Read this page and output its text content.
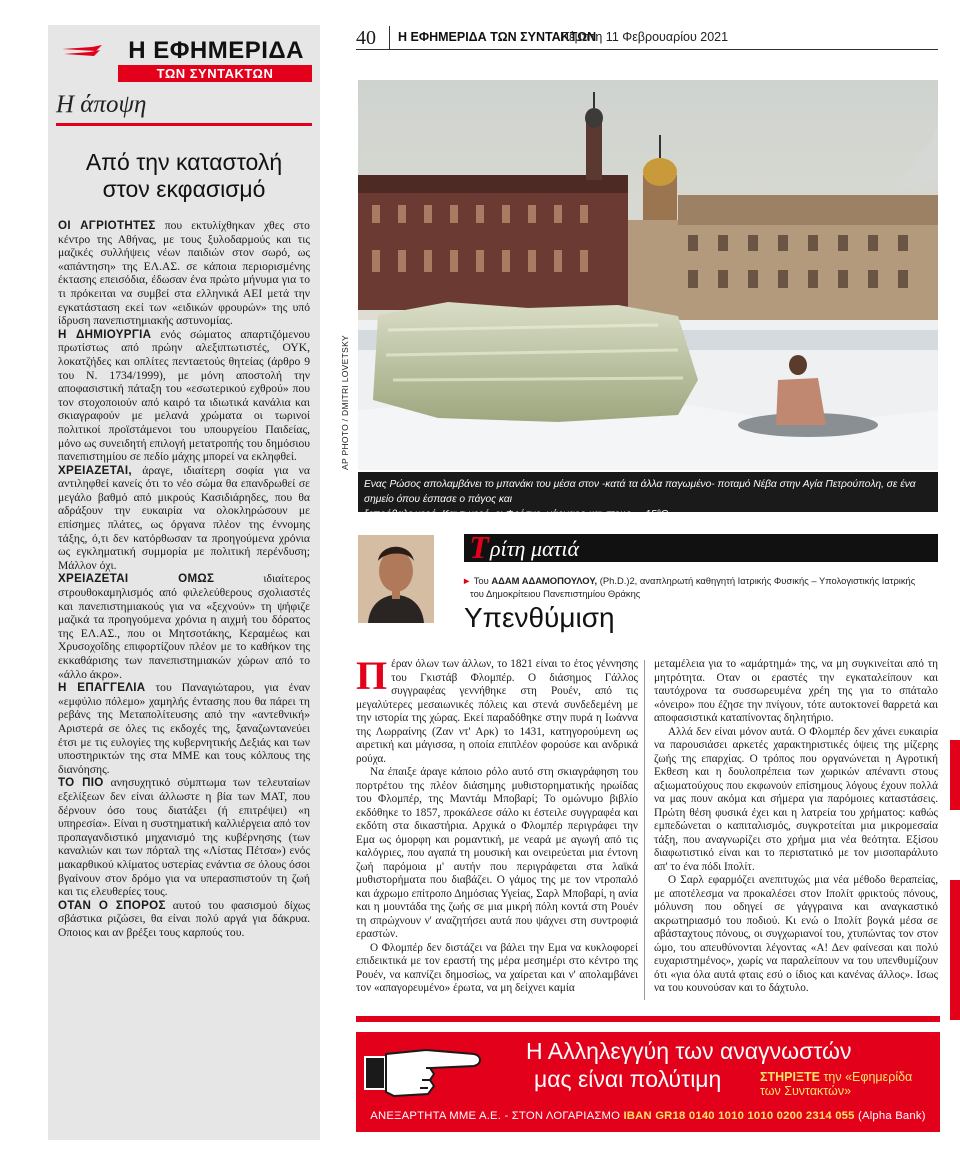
Η ΕΦΗΜΕΡΙΔΑ
ΤΩΝ ΣΥΝΤΑΚΤΩΝ
Η άποψη
Από την καταστολή
στον εκφασισμό

ΟΙ ΑΓΡΙΟΤΗΤΕΣ που εκτυλίχθηκαν χθες στο κέντρο της Αθήνας, με τους ξυλοδαρμούς και τις μαζικές συλλήψεις νέων παιδιών στον σωρό, ως «απάντηση» της ΕΛ.ΑΣ. σε κάποια περιορισμένης έκτασης επεισόδια, έδωσαν ένα πρώτο μήνυμα για το τι πρόκειται να συμβεί στα ελληνικά ΑΕΙ μετά την εγκατάσταση εκεί των «ειδικών φρουρών» της υπό ίδρυση πανεπιστημιακής αστυνομίας.

Η ΔΗΜΙΟΥΡΓΙΑ ενός σώματος απαρτιζόμενου πρωτίστως από πρώην αλεξιπτωτιστές, ΟΥΚ, λοκατζήδες και οπλίτες πενταετούς θητείας (άρθρο 9 του Ν. 1734/1999), με μόνη αποστολή την αποφασιστική πάταξη του «εσωτερικού εχθρού» που τον στοχοποιούν από καιρό τα ιδιωτικά κανάλια και σκιαγραφούν με μελανά χρώματα οι τωρινοί πολιτικοί προϊστάμενοι του υπουργείου Παιδείας, μόνο ως συνειδητή επιλογή μετατροπής του δημόσιου πανεπιστημίου σε πεδίο μάχης μπορεί να εκληφθεί.

ΧΡΕΙΑΖΕΤΑΙ, άραγε, ιδιαίτερη σοφία για να αντιληφθεί κανείς ότι το νέο σώμα θα επανδρωθεί σε μεγάλο βαθμό από μικρούς Κασιδιάρηδες, που θα αδράξουν την ευκαιρία να ολοκληρώσουν με επίσημες πλάτες, ως όργανα πλέον της έννομης τάξης, ό,τι δεν κατόρθωσαν τα προηγούμενα χρόνια ως εγκληματική συμμορία με πολιτική περένδυση; Μάλλον όχι.

ΧΡΕΙΑΖΕΤΑΙ ΟΜΩΣ ιδιαίτερος στρουθοκαμηλισμός από φιλελεύθερους σχολιαστές και πανεπιστημιακούς για να «ξεχνούν» τη ψήφιζε μαζικά τα προηγούμενα χρόνια η αιχμή του δόρατος της ΕΛ.ΑΣ., που οι Μητσοτάκης, Κεραμέως και Χρυσοχοΐδης επιφορτίζουν πλέον με το καθήκον της εκκαθάρισης των πανεπιστημιακών χώρων από το «άλλο άκρο».

Η ΕΠΑΓΓΕΛΙΑ του Παναγιώταρου, για έναν «εμφύλιο πόλεμο» χαμηλής έντασης που θα πάρει τη ρεβάνς της Μεταπολίτευσης από την «αντεθνική» Αριστερά σε όλες τις εκδοχές της, ξαναζωντανεύει έτσι με τις ευλογίες της κυβερνητικής Δεξιάς και των υποστηρικτών της στα ΜΜΕ και τους κόλπους της διανόησης.

ΤΟ ΠΙΟ ανησυχητικό σύμπτωμα των τελευταίων εξελίξεων δεν είναι άλλωστε η βία των ΜΑΤ, που δέρνουν όσο τους διατάξει (ή επιτρέψει) «η υπηρεσία». Είναι η συστηματική καλλιέργεια από τον προπαγανδιστικό μηχανισμό της κυβέρνησης (των καναλιών και των πόρταλ της «Λίστας Πέτσα») ενός μακαρθικού κλίματος υστερίας ενάντια σε όλους όσοι βγαίνουν στον δρόμο για να υπερασπιστούν τη ζωή και τις ελευθερίες τους.

ΟΤΑΝ Ο ΣΠΟΡΟΣ αυτού του φασισμού δίχως σβάστικα ριζώσει, θα είναι πολύ αργά για δάκρυα. Οποιος και αν βρέξει τους καρπούς του.

40	Η ΕΦΗΜΕΡΙΔΑ ΤΩΝ ΣΥΝΤΑΚΤΩΝ
Πέμπτη 11 Φεβρουαρίου 2021
AP PHOTO / DMITRI LOVETSKY
Ενας Ρώσος απολαμβάνει το μπανάκι του μέσα στον -κατά τα άλλα παγωμένο- ποταμό Νέβα στην Αγία Πετρούπολη, σε ένα σημείο όπου έσπασε ο πάγος και
ξεπρόβαλε νερό. Και τι νερό, ε; Φρέσκο, γάργαρο και στους... -15°C
Τ ρίτη ματιά
► Του ΑΔΑΜ ΑΔΑΜΟΠΟΥΛΟΥ, (Ph.D.)2, αναπληρωτή καθηγητή Ιατρικής Φυσικής – Υπολογιστικής Ιατρικής
του Δημοκρίτειου Πανεπιστημίου Θράκης
Υπενθύμιση

Πέραν όλων των άλλων, το 1821 είναι το έτος γέννησης του Γκιστάβ Φλομπέρ. Ο διάσημος Γάλλος συγγραφέας γεννήθηκε στη Ρουέν, από τις μεγαλύτερες μεσαιωνικές πόλεις και στενά συνδεδεμένη με την ιστορία της χώρας. Εκεί παραδόθηκε στην πυρά η Ιωάννα της Λωρραίνης (Ζαν ντ' Αρκ) το 1431, κατηγορούμενη ως αιρετική και μάγισσα, η οποία επιπλέον φορούσε και ανδρικά ρούχα.

Να έπαιξε άραγε κάποιο ρόλο αυτό στη σκιαγράφηση του πορτρέτου της πλέον διάσημης μυθιστορηματικής ηρωίδας του Φλομπέρ, της Μαντάμ Μποβαρί; Το ομώνυμο βιβλίο εκδόθηκε το 1857, προκάλεσε σάλο κι έστειλε συγγραφέα και εκδότη στα δικαστήρια. Αρχικά ο Φλομπέρ περιγράφει την Εμα ως όμορφη και ρομαντική, με νεαρά με αγωγή από τις καλόγριες, που αγαπά τη μουσική και ονειρεύεται μια έντονη ζωή παρόμοια μ' αυτήν που περιγράφεται στα λαϊκά μυθιστορήματα που διαβάζει. Ο γάμος της με τον ντροπαλό και άχρωμο επίτροπο Δημόσιας Υγείας, Σαρλ Μποβαρί, η ανία και η μουντάδα της ζωής σε μια μικρή πόλη κοντά στη Ρουέν τη σπρώχνουν ν' αναζητήσει αυτά που ψάχνει στη συντροφιά εραστών.

Ο Φλομπέρ δεν διστάζει να βάλει την Εμα να κυκλοφορεί επιδεικτικά με τον εραστή της μέρα μεσημέρι στο κέντρο της Ρουέν, να καπνίζει δημοσίως, να χαίρεται και ν' απολαμβάνει τον «απαγορευμένο» έρωτα, να μη δείχνει καμία

μεταμέλεια για το «αμάρτημά» της, να μη συγκινείται από τη μητρότητα. Οταν οι εραστές την εγκαταλείπουν και ταυτόχρονα τα συσσωρευμένα χρέη της για το σπάταλο «όνειρο» που έζησε την πνίγουν, τότε αυτοκτονεί θαρρετά και αποφασιστικά καταπίνοντας δηλητήριο.

Αλλά δεν είναι μόνον αυτά. Ο Φλομπέρ δεν χάνει ευκαιρία να παρουσιάσει αρκετές χαρακτηριστικές όψεις της μίζερης ζωής της επαρχίας. Ο τρόπος που οργανώνεται η Αγροτική Εκθεση και η δουλοπρέπεια των χωρικών απέναντι στους αξιωματούχους που εκφωνούν επίσημους λόγους έχουν πολλά να μας πουν ακόμα και σήμερα για παρόμοιες καταστάσεις. Πρώτη θέση φυσικά έχει και η λατρεία του χρήματος: καθώς εμπεδώνεται ο καπιταλισμός, συγκροτείται μια μικρομεσαία τάξη, που αναγνωρίζει στο χρήμα μια νέα θεότητα. Εξίσου διαφωτιστικό είναι και το περιστατικό με τον μισοπαράλυτο απ' το ένα πόδι Ιπολίτ.

Ο Σαρλ εφαρμόζει ανεπιτυχώς μια νέα μέθοδο θεραπείας, με αποτέλεσμα να προκαλέσει στον Ιπολίτ φρικτούς πόνους, μόλυνση που οδηγεί σε γάγγραινα και αναγκαστικό ακρωτηριασμό του ποδιού. Κι ενώ ο Ιπολίτ βογκά μέσα σε αβάσταχτους πόνους, οι συγχωριανοί του, χτυπώντας τον στον ώμο, του απευθύνονται λέγοντας «Α! Δεν φαίνεσαι και πολύ ευχαριστημένος», χωρίς να παραλείπουν να του υπενθυμίζουν ότι «για όλα αυτά φταις εσύ ο ίδιος και κανένας άλλος». Ισως να του κουνούσαν και το δάχτυλο.

Η Αλληλεγγύη των αναγνωστών
μας είναι πολύτιμη	ΣΤΗΡΙΞΤΕ την «Εφημερίδα των Συντακτών»
ΑΝΕΞΑΡΤΗΤΑ ΜΜΕ Α.Ε. - ΣΤΟΝ ΛΟΓΑΡΙΑΣΜΟ IBAN GR18 0140 1010 1010 0200 2314 055 (Alpha Bank)
